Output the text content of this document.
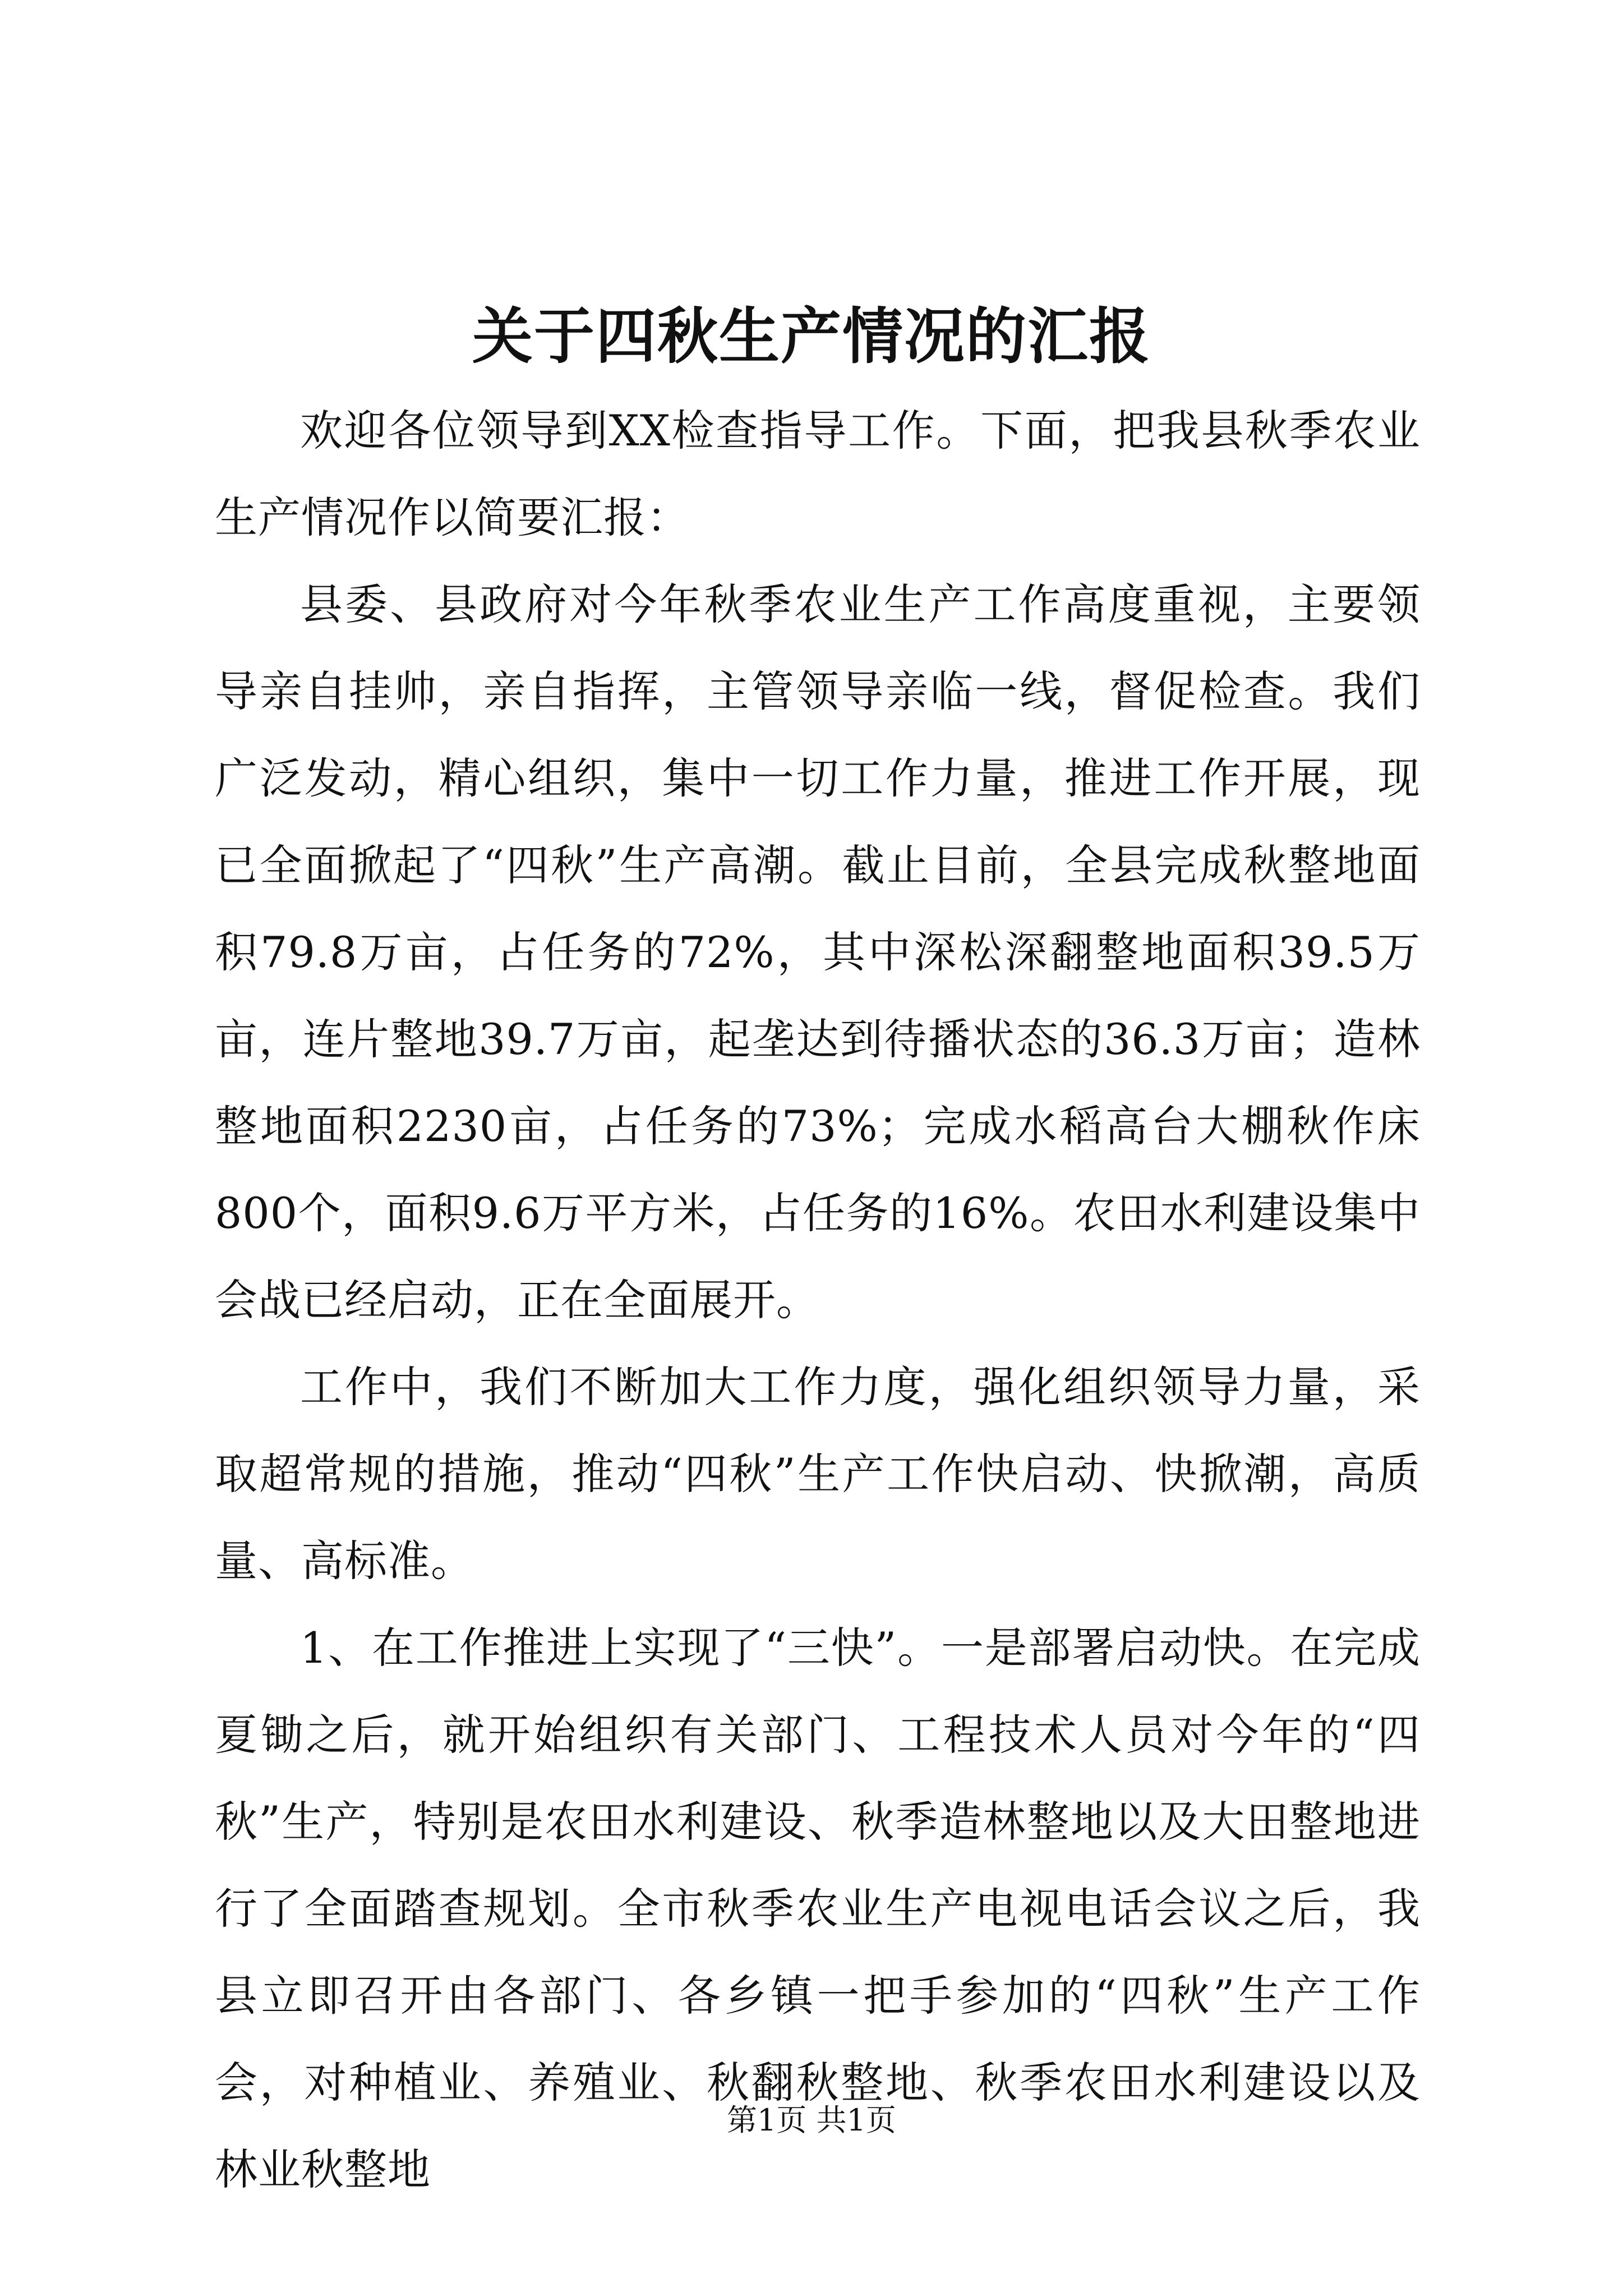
关于四秋生产情况的汇报

欢迎各位领导到XX检查指导工作。下面，把我县秋季农业生产情况作以简要汇报：

县委、县政府对今年秋季农业生产工作高度重视，主要领导亲自挂帅，亲自指挥，主管领导亲临一线，督促检查。我们广泛发动，精心组织，集中一切工作力量，推进工作开展，现已全面掀起了“四秋”生产高潮。截止目前，全县完成秋整地面积79.8万亩，占任务的72%，其中深松深翻整地面积39.5万亩，连片整地39.7万亩，起垄达到待播状态的36.3万亩；造林整地面积2230亩，占任务的73%；完成水稻高台大棚秋作床800个，面积9.6万平方米，占任务的16%。农田水利建设集中会战已经启动，正在全面展开。

工作中，我们不断加大工作力度，强化组织领导力量，采取超常规的措施，推动“四秋”生产工作快启动、快掀潮，高质量、高标准。

1、在工作推进上实现了“三快”。一是部署启动快。在完成夏锄之后，就开始组织有关部门、工程技术人员对今年的“四秋”生产，特别是农田水利建设、秋季造林整地以及大田整地进行了全面踏查规划。全市秋季农业生产电视电话会议之后，我县立即召开由各部门、各乡镇一把手参加的“四秋”生产工作会，对种植业、养殖业、秋翻秋整地、秋季农田水利建设以及林业秋整地

第1页 共1页
